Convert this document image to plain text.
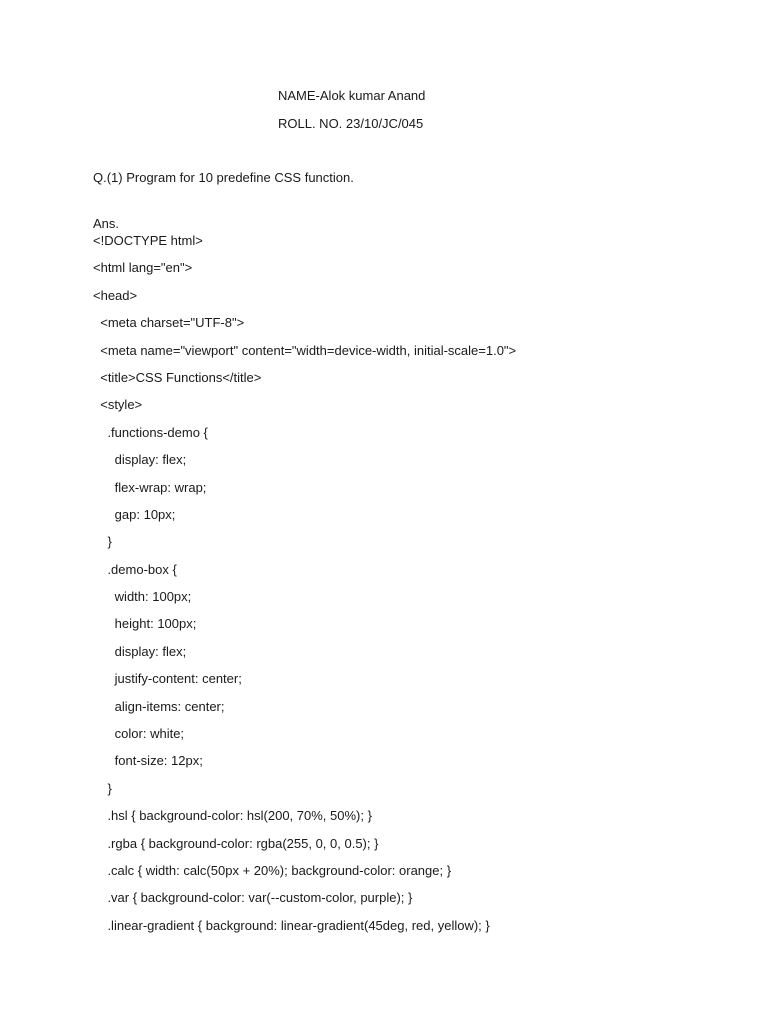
NAME-Alok kumar Anand
ROLL. NO. 23/10/JC/045
Q.(1) Program for 10 predefine CSS function.
Ans.
<!DOCTYPE html>
<html lang="en">
<head>
<meta charset="UTF-8">
<meta name="viewport" content="width=device-width, initial-scale=1.0">
<title>CSS Functions</title>
<style>
.functions-demo {
display: flex;
flex-wrap: wrap;
gap: 10px;
}
.demo-box {
width: 100px;
height: 100px;
display: flex;
justify-content: center;
align-items: center;
color: white;
font-size: 12px;
}
.hsl { background-color: hsl(200, 70%, 50%); }
.rgba { background-color: rgba(255, 0, 0, 0.5); }
.calc { width: calc(50px + 20%); background-color: orange; }
.var { background-color: var(--custom-color, purple); }
.linear-gradient { background: linear-gradient(45deg, red, yellow); }
